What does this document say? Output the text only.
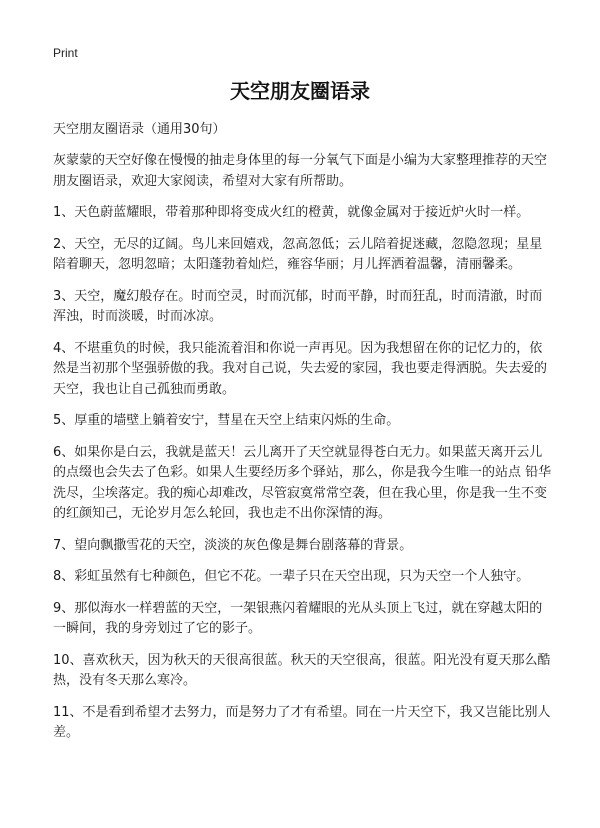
Print
天空朋友圈语录

天空朋友圈语录（通用30句）

灰蒙蒙的天空好像在慢慢的抽走身体里的每一分氧气下面是小编为大家整理推荐的天空朋友圈语录，欢迎大家阅读，希望对大家有所帮助。

1、天色蔚蓝耀眼，带着那种即将变成火红的橙黄，就像金属对于接近炉火时一样。

2、天空，无尽的辽阔。鸟儿来回嬉戏，忽高忽低；云儿陪着捉迷藏，忽隐忽现；星星陪着聊天，忽明忽暗；太阳蓬勃着灿烂，雍容华丽；月儿挥洒着温馨，清丽馨柔。

3、天空，魔幻般存在。时而空灵，时而沉郁，时而平静，时而狂乱，时而清澈，时而浑浊，时而淡暖，时而冰凉。

4、不堪重负的时候，我只能流着泪和你说一声再见。因为我想留在你的记忆力的，依然是当初那个坚强骄傲的我。我对自己说，失去爱的家园，我也要走得洒脱。失去爱的天空，我也让自己孤独而勇敢。

5、厚重的墙壁上躺着安宁，彗星在天空上结束闪烁的生命。

6、如果你是白云，我就是蓝天！云儿离开了天空就显得苍白无力。如果蓝天离开云儿的点缀也会失去了色彩。如果人生要经历多个驿站，那么，你是我今生唯一的站点 铅华洗尽，尘埃落定。我的痴心却难改，尽管寂寞常常空袭，但在我心里，你是我一生不变的红颜知己，无论岁月怎么轮回，我也走不出你深情的海。

7、望向飘撒雪花的天空，淡淡的灰色像是舞台剧落幕的背景。

8、彩虹虽然有七种颜色，但它不花。一辈子只在天空出现，只为天空一个人独守。

9、那似海水一样碧蓝的天空，一架银燕闪着耀眼的光从头顶上飞过，就在穿越太阳的一瞬间，我的身旁划过了它的影子。

10、喜欢秋天，因为秋天的天很高很蓝。秋天的天空很高，很蓝。阳光没有夏天那么酷热，没有冬天那么寒冷。

11、不是看到希望才去努力，而是努力了才有希望。同在一片天空下，我又岂能比别人差。
